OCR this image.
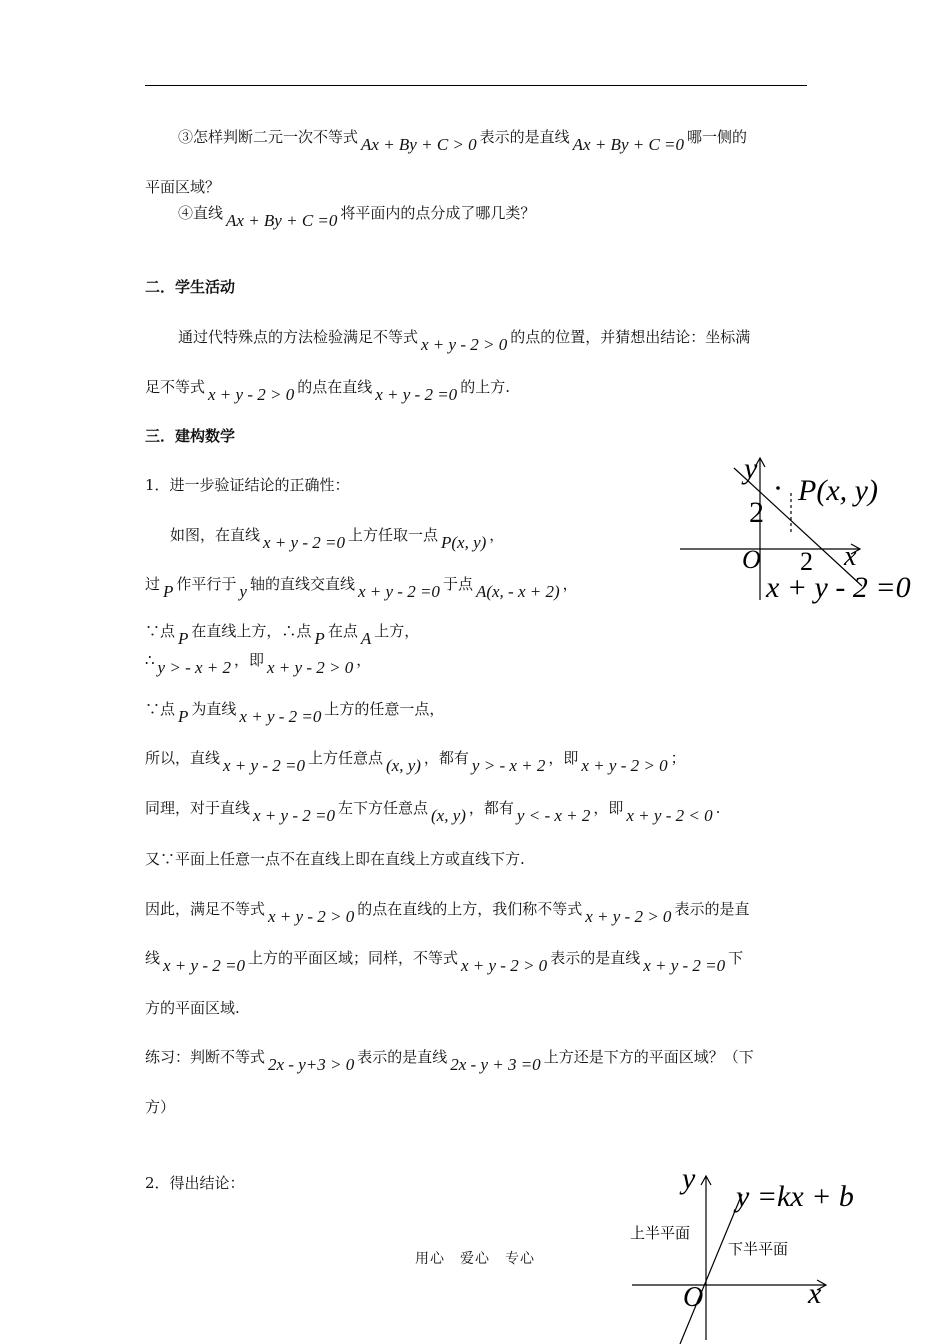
③怎样判断二元一次不等式 Ax + By + C > 0 表示的是直线 Ax + By + C =0 哪一侧的
平面区域？
④直线 Ax + By + C =0 将平面内的点分成了哪几类？
二．学生活动
通过代特殊点的方法检验满足不等式 x + y - 2 > 0 的点的位置，并猜想出结论：坐标满
足不等式 x + y - 2 > 0 的点在直线 x + y - 2 =0 的上方.
三．建构数学
1．进一步验证结论的正确性：
如图，在直线 x + y - 2 =0 上方任取一点 P(x, y) ，
过 P 作平行于 y 轴的直线交直线 x + y - 2 =0 于点 A(x, - x + 2) ，
∵点 P 在直线上方，∴点 P 在点 A 上方，
∴ y > - x + 2 ，即 x + y - 2 > 0 ，
∵点 P 为直线 x + y - 2 =0 上方的任意一点，
所以，直线 x + y - 2 =0 上方任意点 (x, y) ，都有 y > - x + 2 ，即 x + y - 2 > 0 ；
同理，对于直线 x + y - 2 =0 左下方任意点 (x, y) ，都有 y < - x + 2 ，即 x + y - 2 < 0 .
又∵平面上任意一点不在直线上即在直线上方或直线下方.
因此，满足不等式 x + y - 2 > 0 的点在直线的上方，我们称不等式 x + y - 2 > 0 表示的是直
线 x + y - 2 =0 上方的平面区域；同样，不等式 x + y - 2 > 0 表示的是直线 x + y - 2 =0 下
方的平面区域.
练习：判断不等式 2x - y+3 > 0 表示的是直线 2x - y + 3 =0 上方还是下方的平面区域？（下
方）
2．得出结论：
y
2
P(x, y)
O 2 x
x + y - 2 =0
y
y =kx + b
上半平面
下半平面
O	x
用心　爱心　专心
